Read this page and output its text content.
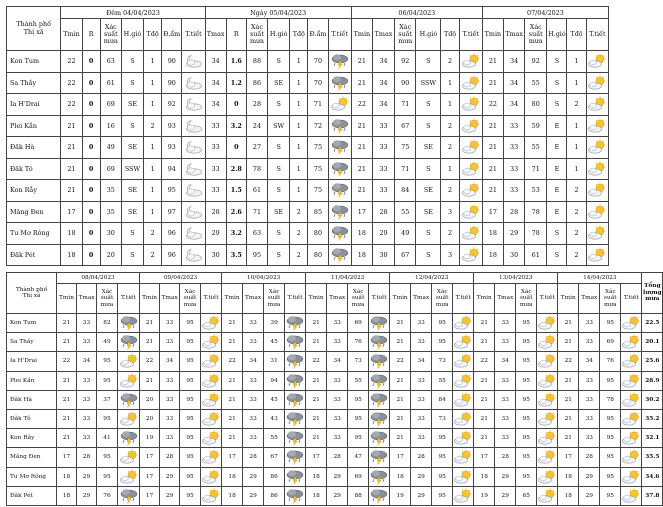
Thành phố
Thị xã	Đêm 04/04/2023							Ngày 05/04/2023							06/04/2023						07/04/2023					
	Tmin	R	Xác suất mưa	H.gió	Tđộ	Đ.ẩm	T.tiết	Tmax	R	Xác suất mưa	H.gió	Tđộ	Đ.ẩm	T.tiết	Tmin	Tmax	Xác suất mưa	H.gió	Tđộ	T.tiết	Tmin	Tmax	Xác suất mưa	H.gió	Tđộ	T.tiết
Kon Tum	22	0	63	S	1	90		34	1.6	88	S	1	70		21	34	92	S	2		21	34	92	S	1	

Sa Thầy	22	0	61	S	1	90		34	1.2	86	SE	1	70		21	34	90	SSW	1		21	34	55	S	1	

Ia H'Drai	22	0	69	SE	1	92		34	0	28	S	1	71		22	34	71	S	1		22	34	80	S	2	

Plei Kần	21	0	16	S	2	93		33	3.2	24	SW	1	72		21	33	67	S	2		21	33	59	E	1	

Đăk Hà	21	0	49	SE	1	93		33	0	27	S	1	75		21	33	75	SE	2		21	33	55	E	1	

Đăk Tô	21	0	69	SSW	1	94		33	2.8	78	S	1	75		21	33	71	S	1		21	33	71	E	1	

Kon Rẫy	21	0	35	SE	1	95		33	1.5	61	S	1	75		21	33	84	SE	2		21	33	53	E	2	

Măng Đen	17	0	35	SE	1	97		28	2.6	71	SE	2	85		17	28	55	SE	3		17	28	78	E	2	

Tu Mơ Rông	18	0	30	S	2	96		29	3.2	63	S	2	80		18	29	49	S	2		18	29	78	S	2	

Đăk Pét	18	0	20	S	2	96		30	3.5	95	S	2	80		18	30	67	S	3		18	30	61	S	2	
Thành phố
Thị xã	08/04/2023				09/04/2023				10/04/2023				11/04/2023				12/04/2023				13/04/2023				14/04/2023				Tổng lượng mưa
	Tmin	Tmax	Xác suất mưa	T.tiết	Tmin	Tmax	Xác suất mưa	T.tiết	Tmin	Tmax	Xác suất mưa	T.tiết	Tmin	Tmax	Xác suất mưa	T.tiết	Tmin	Tmax	Xác suất mưa	T.tiết	Tmin	Tmax	Xác suất mưa	T.tiết	Tmin	Tmax	Xác suất mưa	T.tiết	
Kon Tum	21	33	82		21	33	95		21	33	39		21	33	69		21	33	95		21	33	95		21	33	95		22.5
Sa Thầy	21	33	49		21	33	95		21	33	45		21	33	76		21	33	95		21	33	95		21	33	69		20.1
Ia H'Drai	22	34	95		22	34	95		22	34	31		22	34	73		22	34	73		22	34	95		22	34	76		25.6
Plei Kần	21	33	95		21	33	95		21	33	94		21	33	55		21	33	55		21	33	95		21	33	95		28.9
Đăk Hà	21	33	37		20	33	95		21	33	45		21	33	95		21	33	84		21	33	95		21	33	78		30.2
Đăk Tô	21	33	95		20	33	95		21	33	43		21	33	95		21	33	73		21	33	95		21	33	95		35.2
Kon Rẫy	21	33	41		19	33	95		21	33	55		21	33	95		21	33	95		21	33	95		21	33	95		32.1
Măng Đen	17	28	95		17	28	95		17	28	67		17	28	47		17	28	95		17	28	95		17	28	95		35.5
Tu Mơ Rông	18	29	95		17	29	95		18	29	86		18	29	69		18	29	95		18	29	95		18	29	95		34.6
Đăk Pét	18	29	76		17	29	95		18	29	86		18	29	88		19	29	95		19	29	65		18	29	95		37.8
